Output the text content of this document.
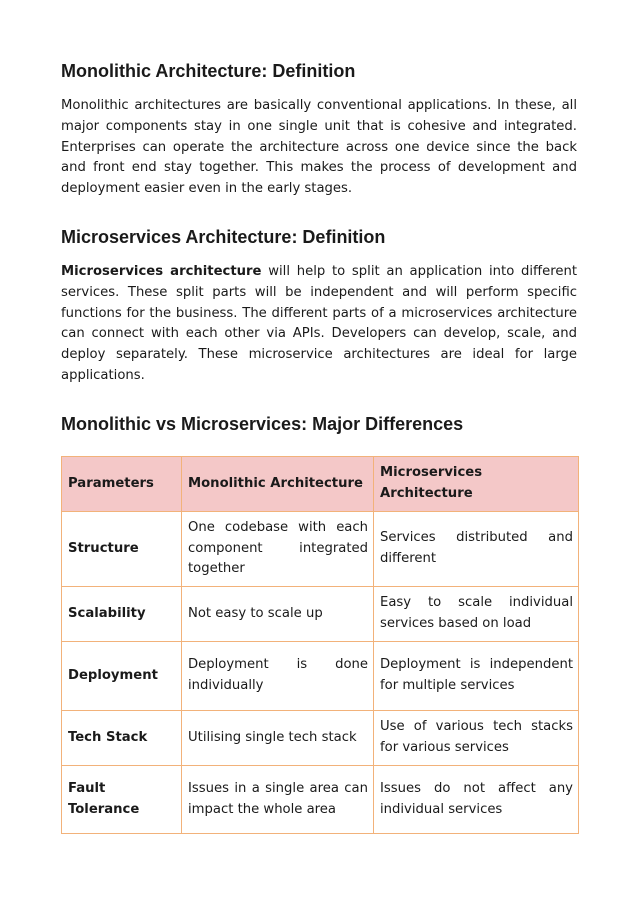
Monolithic Architecture: Definition

Monolithic architectures are basically conventional applications. In these, all major components stay in one single unit that is cohesive and integrated. Enterprises can operate the architecture across one device since the back and front end stay together. This makes the process of development and deployment easier even in the early stages.

Microservices Architecture: Definition

Microservices architecture will help to split an application into different services. These split parts will be independent and will perform specific functions for the business. The different parts of a microservices architecture can connect with each other via APIs. Developers can develop, scale, and deploy separately. These microservice architectures are ideal for large applications.

Monolithic vs Microservices: Major Differences
Parameters	Monolithic Architecture	Microservices Architecture
Structure	One codebase with each component integrated together	Services distributed and different
Scalability	Not easy to scale up	Easy to scale individual services based on load
Deployment	Deployment is done individually	Deployment is independent for multiple services
Tech Stack	Utilising single tech stack	Use of various tech stacks for various services
Fault Tolerance	Issues in a single area can impact the whole area	Issues do not affect any individual services
